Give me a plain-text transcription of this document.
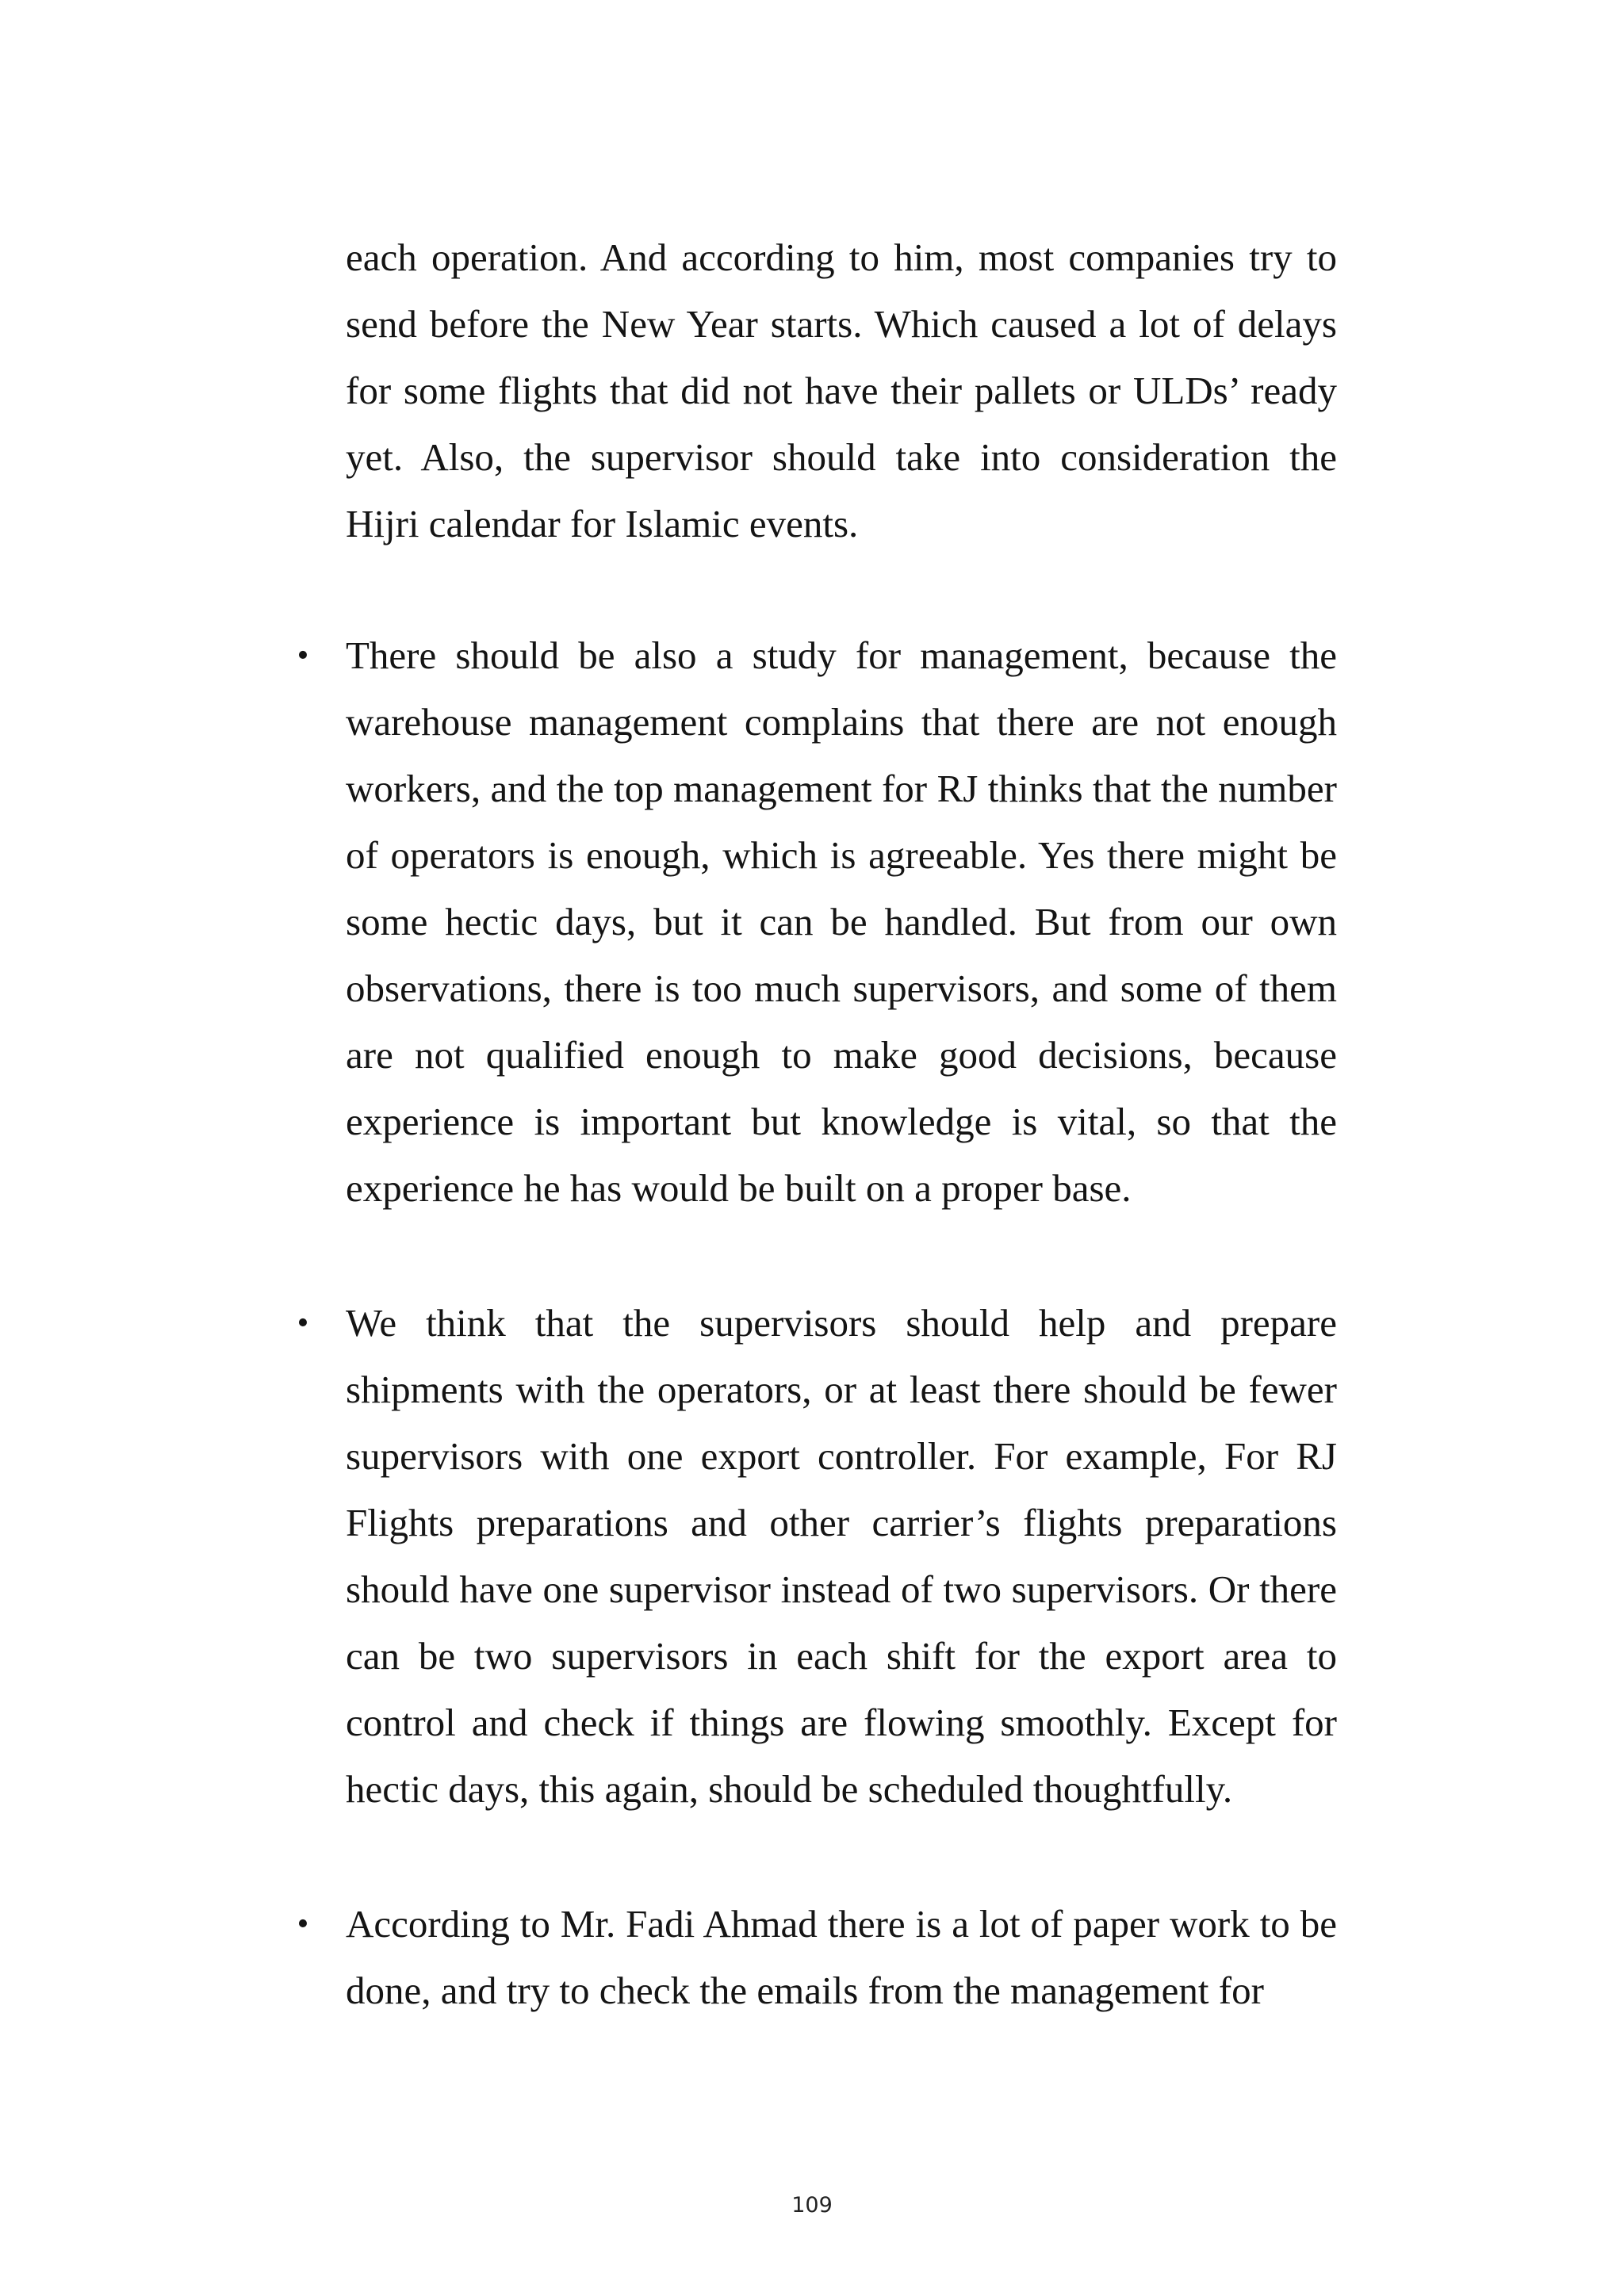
each operation. And according to him, most companies try to send before the New Year starts. Which caused a lot of delays for some flights that did not have their pallets or ULDs’ ready yet. Also, the supervisor should take into consideration the Hijri calendar for Islamic events.

• There should be also a study for management, because the warehouse management complains that there are not enough workers, and the top management for RJ thinks that the number of operators is enough, which is agreeable. Yes there might be some hectic days, but it can be handled. But from our own observations, there is too much supervisors, and some of them are not qualified enough to make good decisions, because experience is important but knowledge is vital, so that the experience he has would be built on a proper base.
• We think that the supervisors should help and prepare shipments with the operators, or at least there should be fewer supervisors with one export controller. For example, For RJ Flights preparations and other carrier’s flights preparations should have one supervisor instead of two supervisors. Or there can be two supervisors in each shift for the export area to control and check if things are flowing smoothly. Except for hectic days, this again, should be scheduled thoughtfully.
• According to Mr. Fadi Ahmad there is a lot of paper work to be done, and try to check the emails from the management for
109
